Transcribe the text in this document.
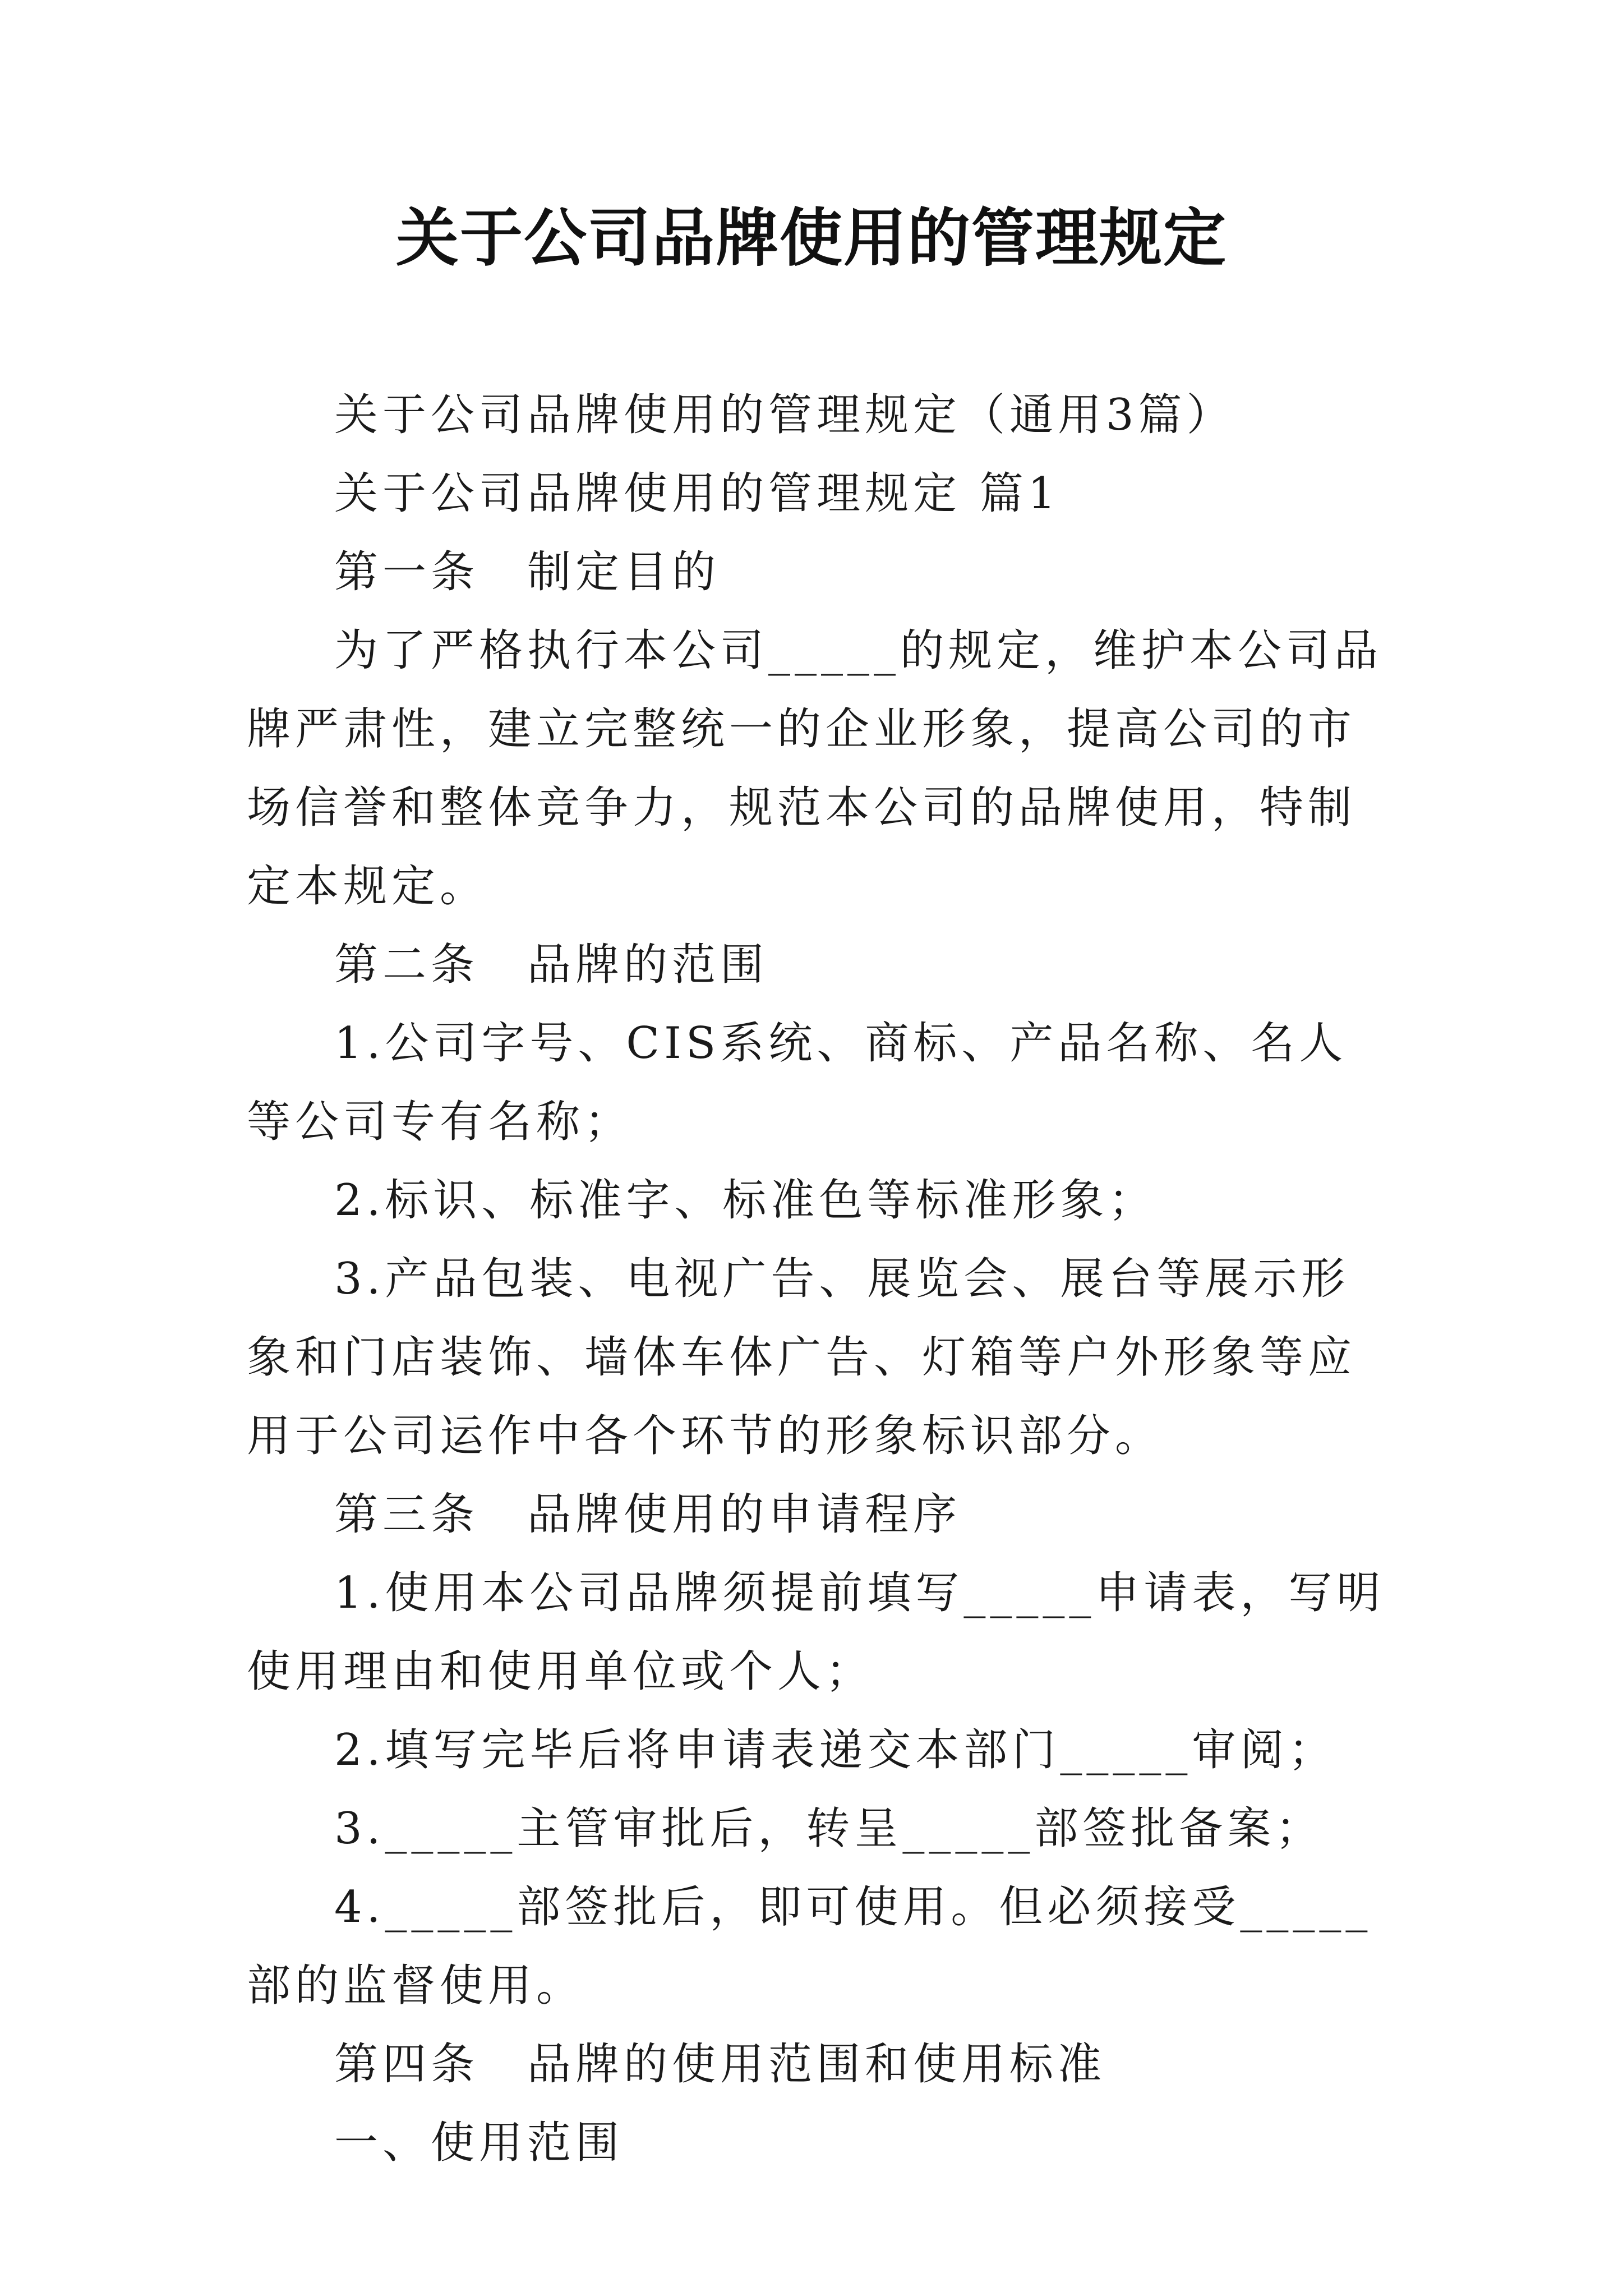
关于公司品牌使用的管理规定

关于公司品牌使用的管理规定（通用3篇）

关于公司品牌使用的管理规定 篇1

第一条　制定目的

为了严格执行本公司_____的规定，维护本公司品牌严肃性，建立完整统一的企业形象，提高公司的市场信誉和整体竞争力，规范本公司的品牌使用，特制定本规定。

第二条　品牌的范围

1.公司字号、CIS系统、商标、产品名称、名人等公司专有名称；

2.标识、标准字、标准色等标准形象；

3.产品包装、电视广告、展览会、展台等展示形象和门店装饰、墙体车体广告、灯箱等户外形象等应用于公司运作中各个环节的形象标识部分。

第三条　品牌使用的申请程序

1.使用本公司品牌须提前填写_____申请表，写明使用理由和使用单位或个人；

2.填写完毕后将申请表递交本部门_____审阅；

3._____主管审批后，转呈_____部签批备案；

4._____部签批后，即可使用。但必须接受_____部的监督使用。

第四条　品牌的使用范围和使用标准

一、使用范围
